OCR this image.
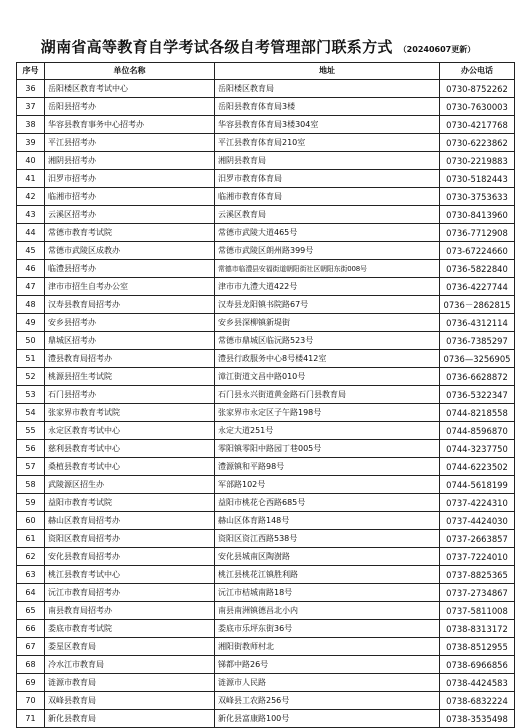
湖南省高等教育自学考试各级自考管理部门联系方式 （20240607更新）
序号	单位名称	地址	办公电话
36	岳阳楼区教育考试中心	岳阳楼区教育局	0730-8752262
37	岳阳县招考办	岳阳县教育体育局3楼	0730-7630003
38	华容县教育事务中心招考办	华容县教育体育局3楼304室	0730-4217768
39	平江县招考办	平江县教育体育局210室	0730-6223862
40	湘阴县招考办	湘阴县教育局	0730-2219883
41	汨罗市招考办	汨罗市教育体育局	0730-5182443
42	临湘市招考办	临湘市教育体育局	0730-3753633
43	云溪区招考办	云溪区教育局	0730-8413960
44	常德市教育考试院	常德市武陵大道465号	0736-7712908
45	常德市武陵区成教办	常德市武陵区朗州路399号	073-67224660
46	临澧县招考办	常德市临澧县安福街道朝阳街社区朝阳东街008号	0736-5822840
47	津市市招生自考办公室	津市市九澧大道422号	0736-4227744
48	汉寿县教育局招考办	汉寿县龙阳镇书院路67号	0736－2862815
49	安乡县招考办	安乡县深柳镇新堤街	0736-4312114
50	鼎城区招考办	常德市鼎城区临沅路523号	0736-7385297
51	澧县教育局招考办	澧县行政服务中心8号楼412室	0736—3256905
52	桃源县招生考试院	漳江街道文昌中路010号	0736-6628872
53	石门县招考办	石门县永兴街道黄金路石门县教育局	0736-5322347
54	张家界市教育考试院	张家界市永定区子午路198号	0744-8218558
55	永定区教育考试中心	永定大道251号	0744-8596870
56	慈利县教育考试中心	零阳镇零阳中路园丁巷005号	0744-3237750
57	桑植县教育考试中心	澧源镇和平路98号	0744-6223502
58	武陵源区招生办	军部路102号	0744-5618199
59	益阳市教育考试院	益阳市桃花仑西路685号	0737-4224310
60	赫山区教育局招考办	赫山区体育路148号	0737-4424030
61	资阳区教育局招考办	资阳区资江西路538号	0737-2663857
62	安化县教育局招考办	安化县城南区陶澍路	0737-7224010
63	桃江县教育考试中心	桃江县桃花江镇胜利路	0737-8825365
64	沅江市教育局招考办	沅江市桔城南路18号	0737-2734867
65	南县教育局招考办	南县南洲镇德昌北小内	0737-5811008
66	娄底市教育考试院	娄底市乐坪东街36号	0738-8313172
67	娄星区教育局	湘阳街教师村北	0738-8512955
68	冷水江市教育局	锑都中路26号	0738-6966856
69	涟源市教育局	涟源市人民路	0738-4424583
70	双峰县教育局	双峰县工农路256号	0738-6832224
71	新化县教育局	新化县富康路100号	0738-3535498
